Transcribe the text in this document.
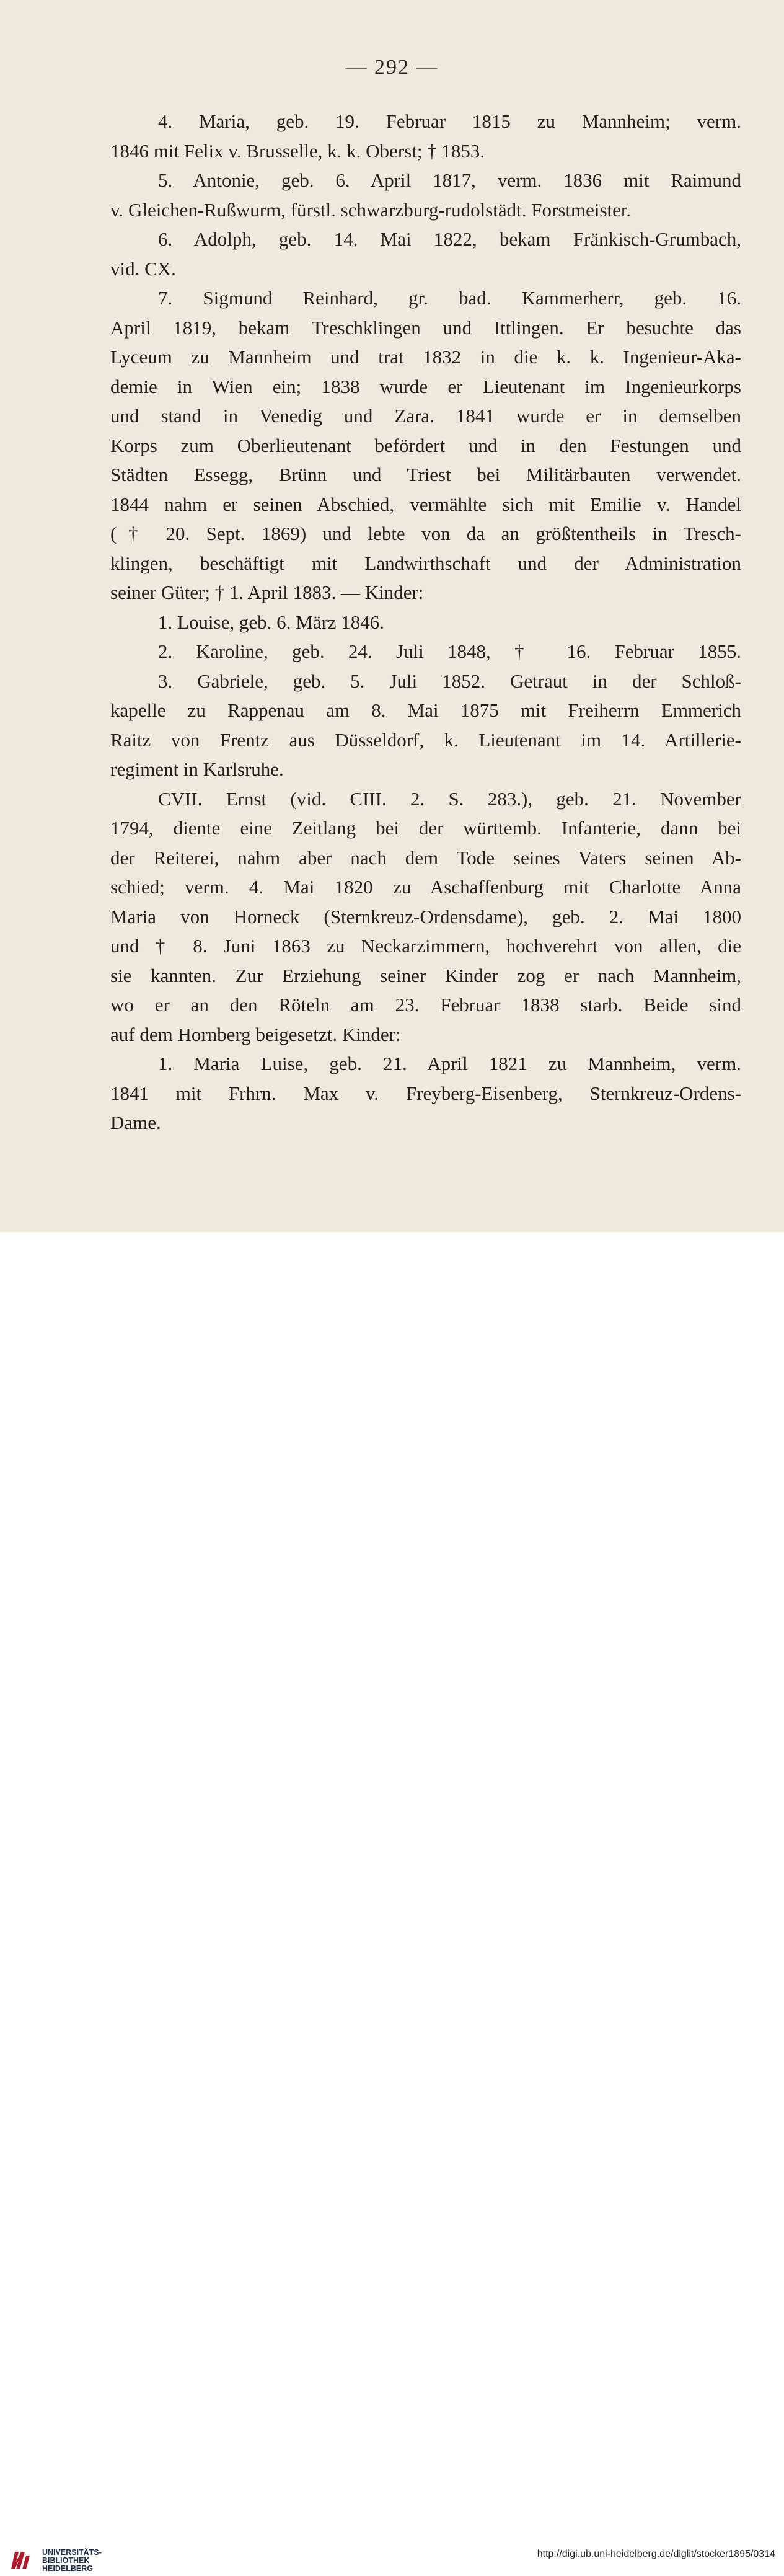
— 292 —
4. Maria, geb. 19. Februar 1815 zu Mannheim; verm.
1846 mit Felix v. Brusselle, k. k. Oberst; † 1853.
5. Antonie, geb. 6. April 1817, verm. 1836 mit Raimund
v. Gleichen-Rußwurm, fürstl. schwarzburg-rudolstädt. Forstmeister.
6. Adolph, geb. 14. Mai 1822, bekam Fränkisch-Grumbach,
vid. CX.
7. Sigmund Reinhard, gr. bad. Kammerherr, geb. 16.
April 1819, bekam Treschklingen und Ittlingen. Er besuchte das
Lyceum zu Mannheim und trat 1832 in die k. k. Ingenieur-Aka-
demie in Wien ein; 1838 wurde er Lieutenant im Ingenieurkorps
und stand in Venedig und Zara. 1841 wurde er in demselben
Korps zum Oberlieutenant befördert und in den Festungen und
Städten Essegg, Brünn und Triest bei Militärbauten verwendet.
1844 nahm er seinen Abschied, vermählte sich mit Emilie v. Handel
(† 20. Sept. 1869) und lebte von da an größtentheils in Tresch-
klingen, beschäftigt mit Landwirthschaft und der Administration
seiner Güter; † 1. April 1883. — Kinder:
1. Louise, geb. 6. März 1846.
2. Karoline, geb. 24. Juli 1848, † 16. Februar 1855.
3. Gabriele, geb. 5. Juli 1852. Getraut in der Schloß-
kapelle zu Rappenau am 8. Mai 1875 mit Freiherrn Emmerich
Raitz von Frentz aus Düsseldorf, k. Lieutenant im 14. Artillerie-
regiment in Karlsruhe.
CVII. Ernst (vid. CIII. 2. S. 283.), geb. 21. November
1794, diente eine Zeitlang bei der württemb. Infanterie, dann bei
der Reiterei, nahm aber nach dem Tode seines Vaters seinen Ab-
schied; verm. 4. Mai 1820 zu Aschaffenburg mit Charlotte Anna
Maria von Horneck (Sternkreuz-Ordensdame), geb. 2. Mai 1800
und † 8. Juni 1863 zu Neckarzimmern, hochverehrt von allen, die
sie kannten. Zur Erziehung seiner Kinder zog er nach Mannheim,
wo er an den Röteln am 23. Februar 1838 starb. Beide sind
auf dem Hornberg beigesetzt. Kinder:
1. Maria Luise, geb. 21. April 1821 zu Mannheim, verm.
1841 mit Frhrn. Max v. Freyberg-Eisenberg, Sternkreuz-Ordens-
Dame.
UNIVERSITÄTS-
BIBLIOTHEK
HEIDELBERG
http://digi.ub.uni-heidelberg.de/diglit/stocker1895/0314
